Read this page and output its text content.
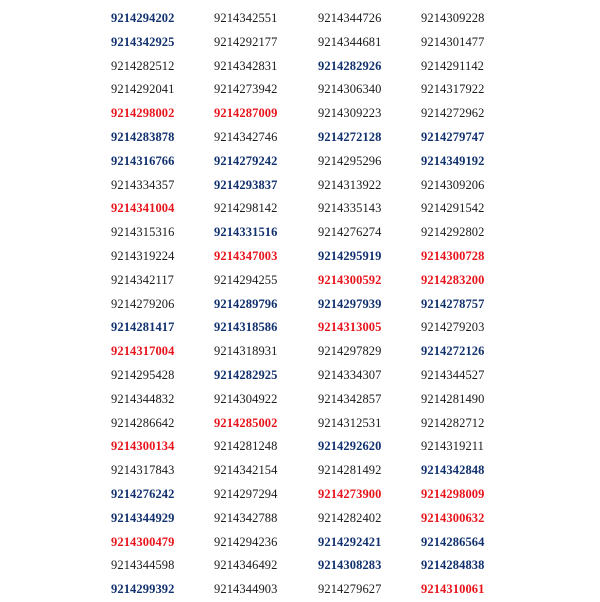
9214294202
9214342925
9214282512
9214292041
9214298002
9214283878
9214316766
9214334357
9214341004
9214315316
9214319224
9214342117
9214279206
9214281417
9214317004
9214295428
9214344832
9214286642
9214300134
9214317843
9214276242
9214344929
9214300479
9214344598
9214299392
9214342551
9214292177
9214342831
9214273942
9214287009
9214342746
9214279242
9214293837
9214298142
9214331516
9214347003
9214294255
9214289796
9214318586
9214318931
9214282925
9214304922
9214285002
9214281248
9214342154
9214297294
9214342788
9214294236
9214346492
9214344903
9214344726
9214344681
9214282926
9214306340
9214309223
9214272128
9214295296
9214313922
9214335143
9214276274
9214295919
9214300592
9214297939
9214313005
9214297829
9214334307
9214342857
9214312531
9214292620
9214281492
9214273900
9214282402
9214292421
9214308283
9214279627
9214309228
9214301477
9214291142
9214317922
9214272962
9214279747
9214349192
9214309206
9214291542
9214292802
9214300728
9214283200
9214278757
9214279203
9214272126
9214344527
9214281490
9214282712
9214319211
9214342848
9214298009
9214300632
9214286564
9214284838
9214310061
